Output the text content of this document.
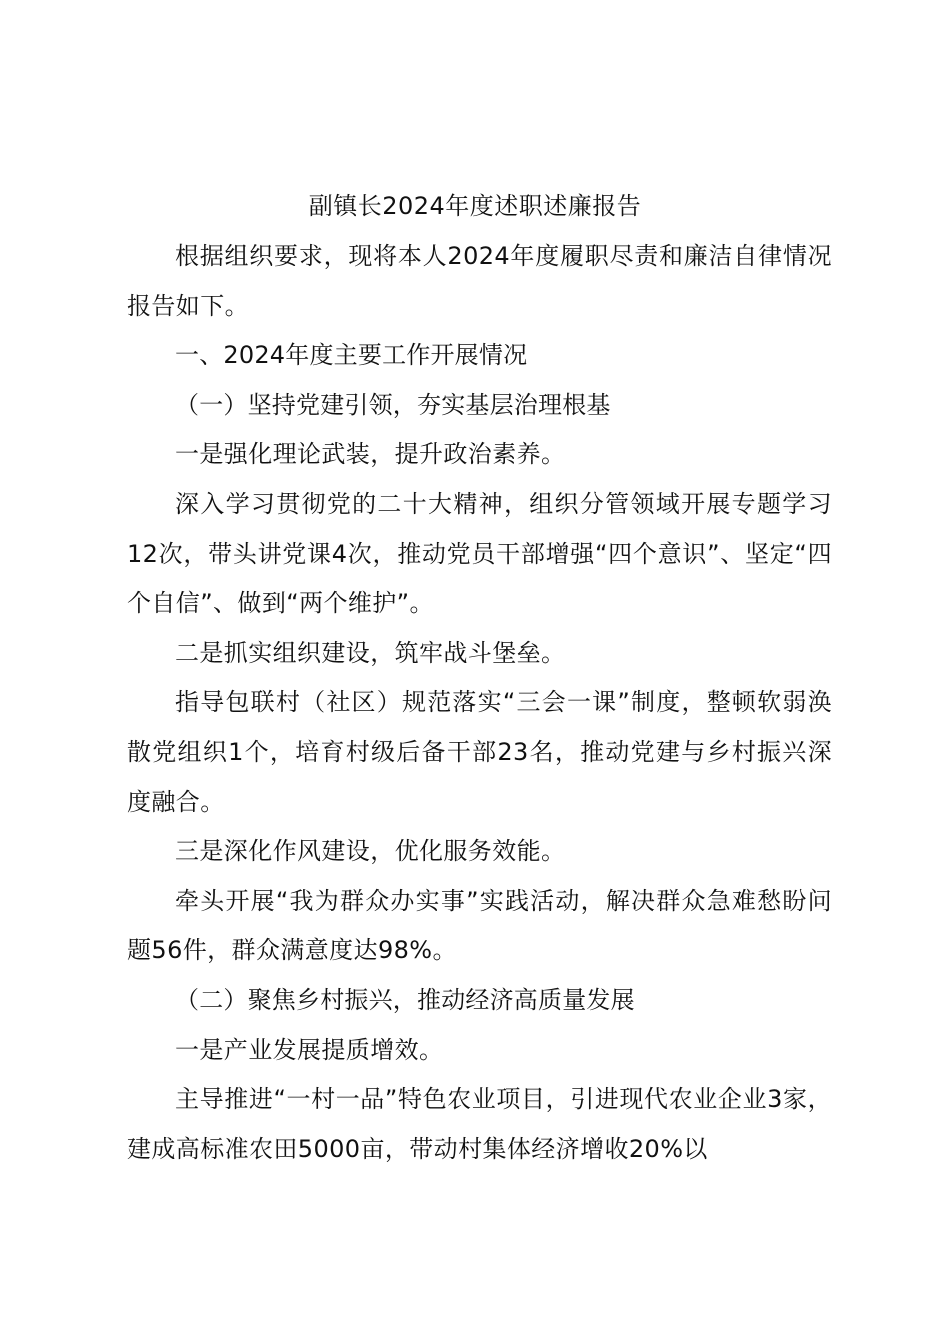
副镇长2024年度述职述廉报告

根据组织要求，现将本人2024年度履职尽责和廉洁自律情况报告如下。

一、2024年度主要工作开展情况

（一）坚持党建引领，夯实基层治理根基

一是强化理论武装，提升政治素养。

深入学习贯彻党的二十大精神，组织分管领域开展专题学习12次，带头讲党课4次，推动党员干部增强“四个意识”、坚定“四个自信”、做到“两个维护”。

二是抓实组织建设，筑牢战斗堡垒。

指导包联村（社区）规范落实“三会一课”制度，整顿软弱涣散党组织1个，培育村级后备干部23名，推动党建与乡村振兴深度融合。

三是深化作风建设，优化服务效能。

牵头开展“我为群众办实事”实践活动，解决群众急难愁盼问题56件，群众满意度达98%。

（二）聚焦乡村振兴，推动经济高质量发展

一是产业发展提质增效。

主导推进“一村一品”特色农业项目，引进现代农业企业3家，建成高标准农田5000亩，带动村集体经济增收20%以
